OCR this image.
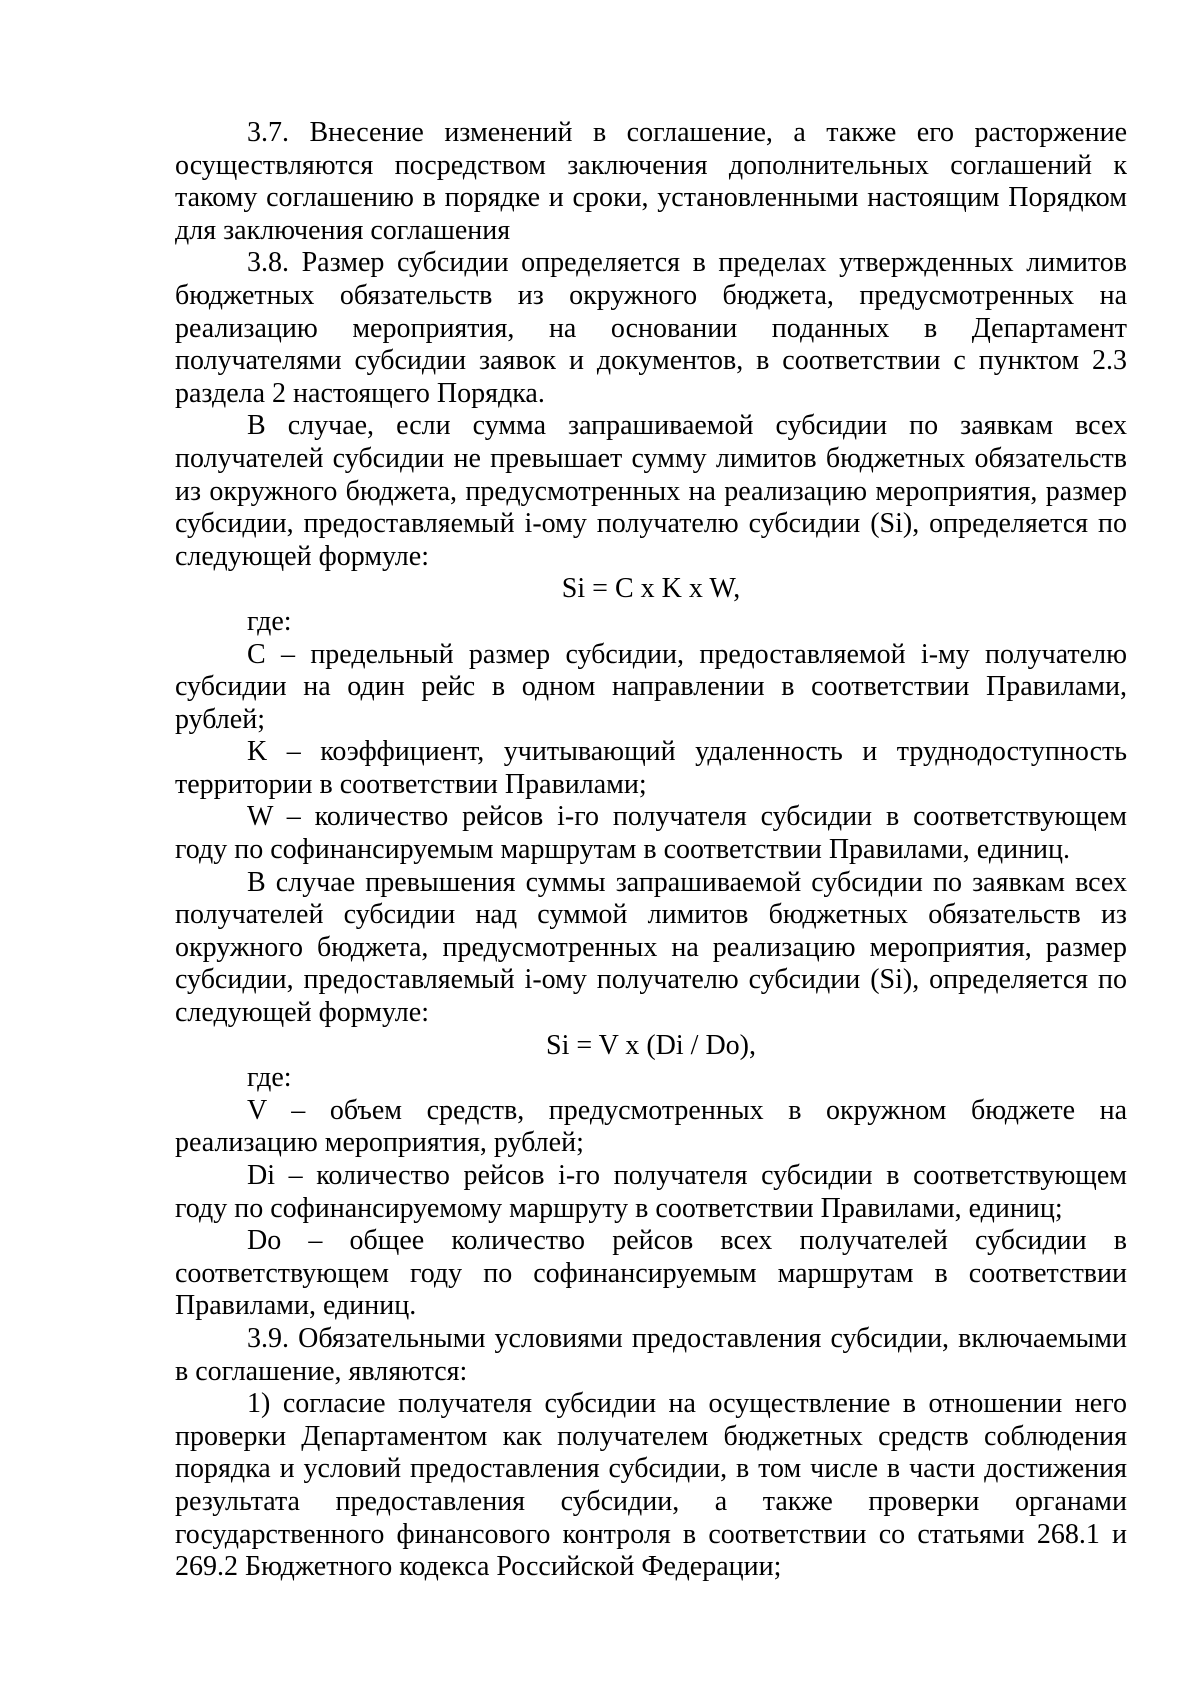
3.7. Внесение изменений в соглашение, а также его расторжение осуществляются посредством заключения дополнительных соглашений к такому соглашению в порядке и сроки, установленными настоящим Порядком для заключения соглашения

3.8. Размер субсидии определяется в пределах утвержденных лимитов бюджетных обязательств из окружного бюджета, предусмотренных на реализацию мероприятия, на основании поданных в Департамент получателями субсидии заявок и документов, в соответствии с пунктом 2.3 раздела 2 настоящего Порядка.

В случае, если сумма запрашиваемой субсидии по заявкам всех получателей субсидии не превышает сумму лимитов бюджетных обязательств из окружного бюджета, предусмотренных на реализацию мероприятия, размер субсидии, предоставляемый i-ому получателю субсидии (Si), определяется по следующей формуле:

Si = C x K x W,

где:

C – предельный размер субсидии, предоставляемой i-му получателю субсидии на один рейс в одном направлении в соответствии Правилами, рублей;

K – коэффициент, учитывающий удаленность и труднодоступность территории в соответствии Правилами;

W – количество рейсов i-го получателя субсидии в соответствующем году по софинансируемым маршрутам в соответствии Правилами, единиц.

В случае превышения суммы запрашиваемой субсидии по заявкам всех получателей субсидии над суммой лимитов бюджетных обязательств из окружного бюджета, предусмотренных на реализацию мероприятия, размер субсидии, предоставляемый i-ому получателю субсидии (Si), определяется по следующей формуле:

Si = V x (Di / Do),

где:

V – объем средств, предусмотренных в окружном бюджете на реализацию мероприятия, рублей;

Di – количество рейсов i-го получателя субсидии в соответствующем году по софинансируемому маршруту в соответствии Правилами, единиц;

Do – общее количество рейсов всех получателей субсидии в соответствующем году по софинансируемым маршрутам в соответствии Правилами, единиц.

3.9. Обязательными условиями предоставления субсидии, включаемыми в соглашение, являются:

1) согласие получателя субсидии на осуществление в отношении него проверки Департаментом как получателем бюджетных средств соблюдения порядка и условий предоставления субсидии, в том числе в части достижения результата предоставления субсидии, а также проверки органами государственного финансового контроля в соответствии со статьями 268.1 и 269.2 Бюджетного кодекса Российской Федерации;
